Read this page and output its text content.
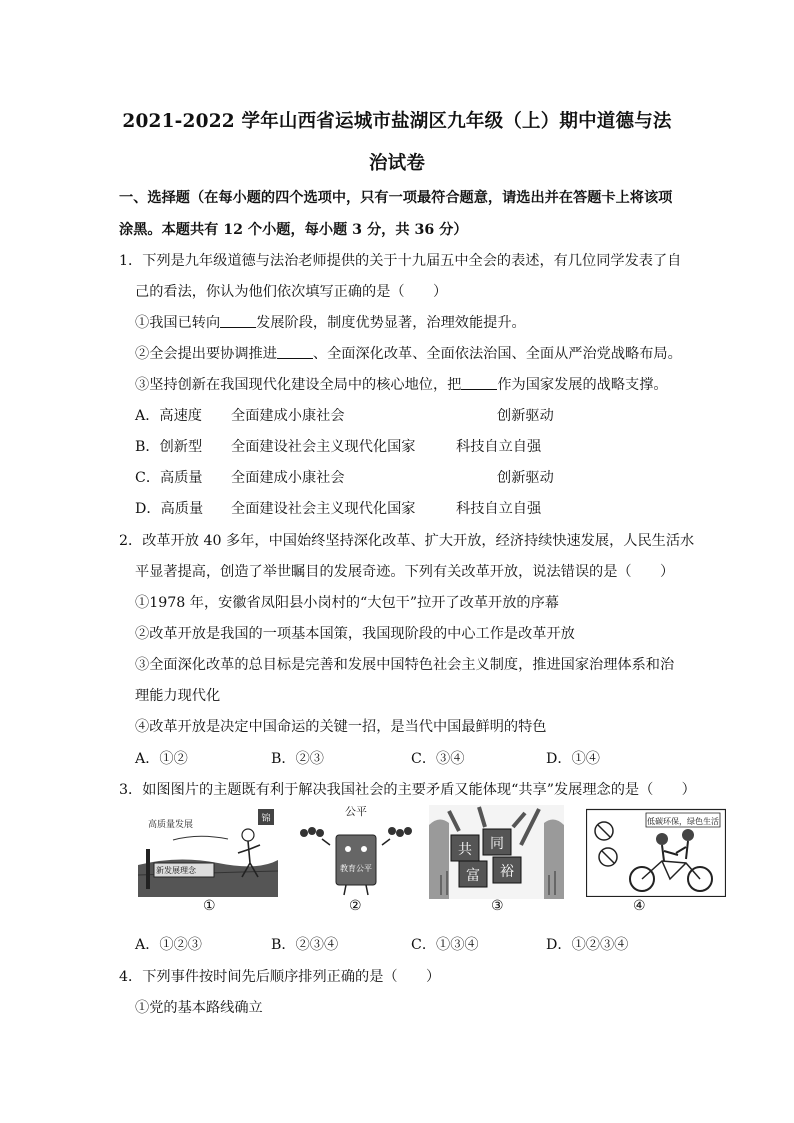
2021-2022 学年山西省运城市盐湖区九年级（上）期中道德与法
治试卷
一、选择题（在每小题的四个选项中，只有一项最符合题意，请选出并在答题卡上将该项
涂黑。本题共有 12 个小题，每小题 3 分，共 36 分）
1．下列是九年级道德与法治老师提供的关于十九届五中全会的表述，有几位同学发表了自
己的看法，你认为他们依次填写正确的是（　　）
①我国已转向	发展阶段，制度优势显著，治理效能提升。
②全会提出要协调推进	、全面深化改革、全面依法治国、全面从严治党战略布局。
③坚持创新在我国现代化建设全局中的核心地位，把	作为国家发展的战略支撑。
A．高速度 全面建成小康社会	创新驱动
B．创新型 全面建设社会主义现代化国家	科技自立自强
C．高质量 全面建成小康社会	创新驱动
D．高质量 全面建设社会主义现代化国家	科技自立自强
2．改革开放 40 多年，中国始终坚持深化改革、扩大开放，经济持续快速发展，人民生活水
平显著提高，创造了举世瞩目的发展奇迹。下列有关改革开放，说法错误的是（　　）
①1978 年，安徽省凤阳县小岗村的“大包干”拉开了改革开放的序幕
②改革开放是我国的一项基本国策，我国现阶段的中心工作是改革开放
③全面深化改革的总目标是完善和发展中国特色社会主义制度，推进国家治理体系和治
理能力现代化
④改革开放是决定中国命运的关键一招，是当代中国最鲜明的特色
A．①②	B．②③	C．③④	D．①④
3．如图图片的主题既有利于解决我国社会的主要矛盾又能体现“共享”发展理念的是（　　）
锦
高质量发展
新发展理念
公平
教育公平
共 同
富 裕
低碳环保，绿色生活
①	②	③	④
A．①②③	B．②③④	C．①③④	D．①②③④
4．下列事件按时间先后顺序排列正确的是（　　）
①党的基本路线确立
